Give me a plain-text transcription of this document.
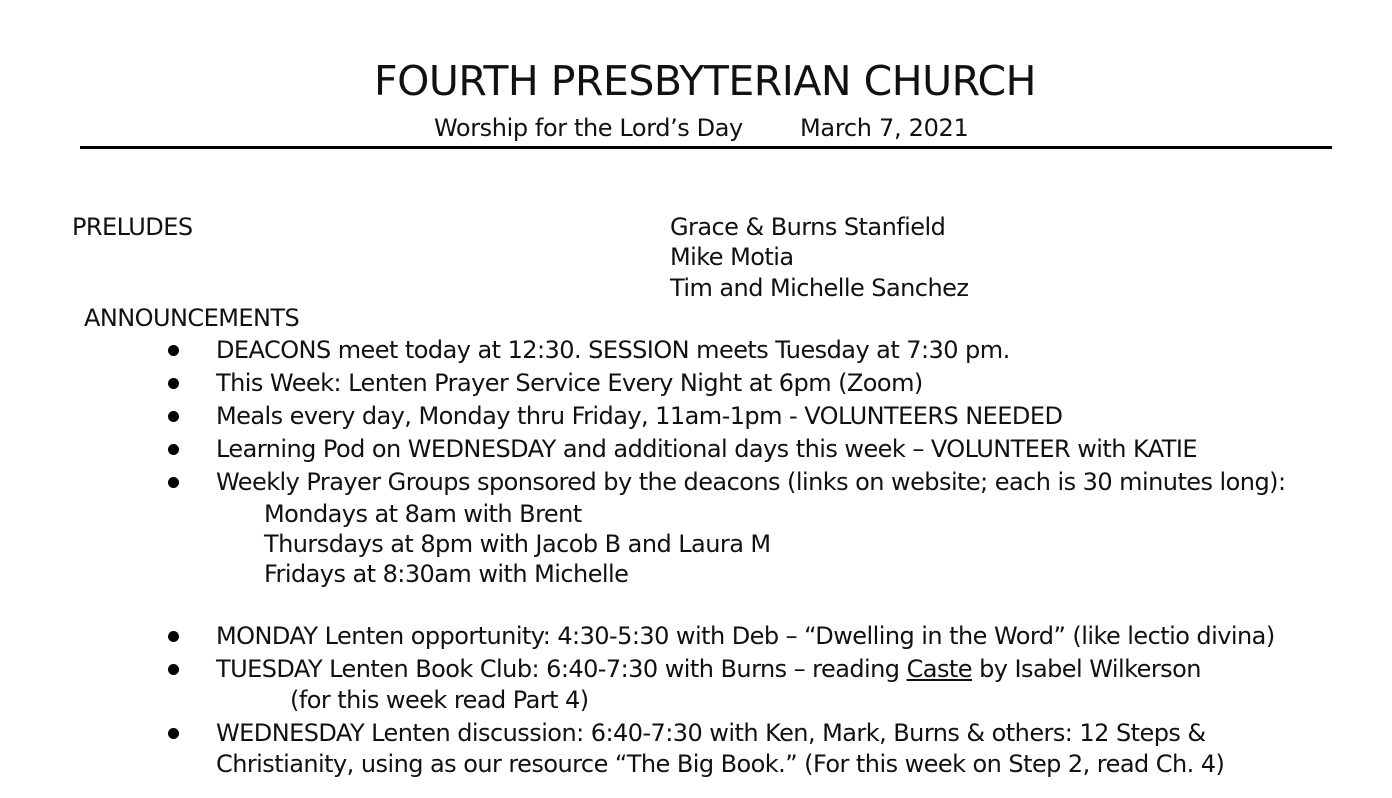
FOURTH PRESBYTERIAN CHURCH
Worship for the Lord’s Day March 7, 2021
PRELUDES	Grace & Burns Stanfield
Mike Motia
Tim and Michelle Sanchez
ANNOUNCEMENTS
DEACONS meet today at 12:30. SESSION meets Tuesday at 7:30 pm.
This Week: Lenten Prayer Service Every Night at 6pm (Zoom)
Meals every day, Monday thru Friday, 11am-1pm - VOLUNTEERS NEEDED
Learning Pod on WEDNESDAY and additional days this week – VOLUNTEER with KATIE
Weekly Prayer Groups sponsored by the deacons (links on website; each is 30 minutes long):
Mondays at 8am with Brent
Thursdays at 8pm with Jacob B and Laura M
Fridays at 8:30am with Michelle
MONDAY Lenten opportunity: 4:30-5:30 with Deb – “Dwelling in the Word” (like lectio divina)
TUESDAY Lenten Book Club: 6:40-7:30 with Burns – reading Caste by Isabel Wilkerson
(for this week read Part 4)
WEDNESDAY Lenten discussion: 6:40-7:30 with Ken, Mark, Burns & others: 12 Steps &
Christianity, using as our resource “The Big Book.” (For this week on Step 2, read Ch. 4)
